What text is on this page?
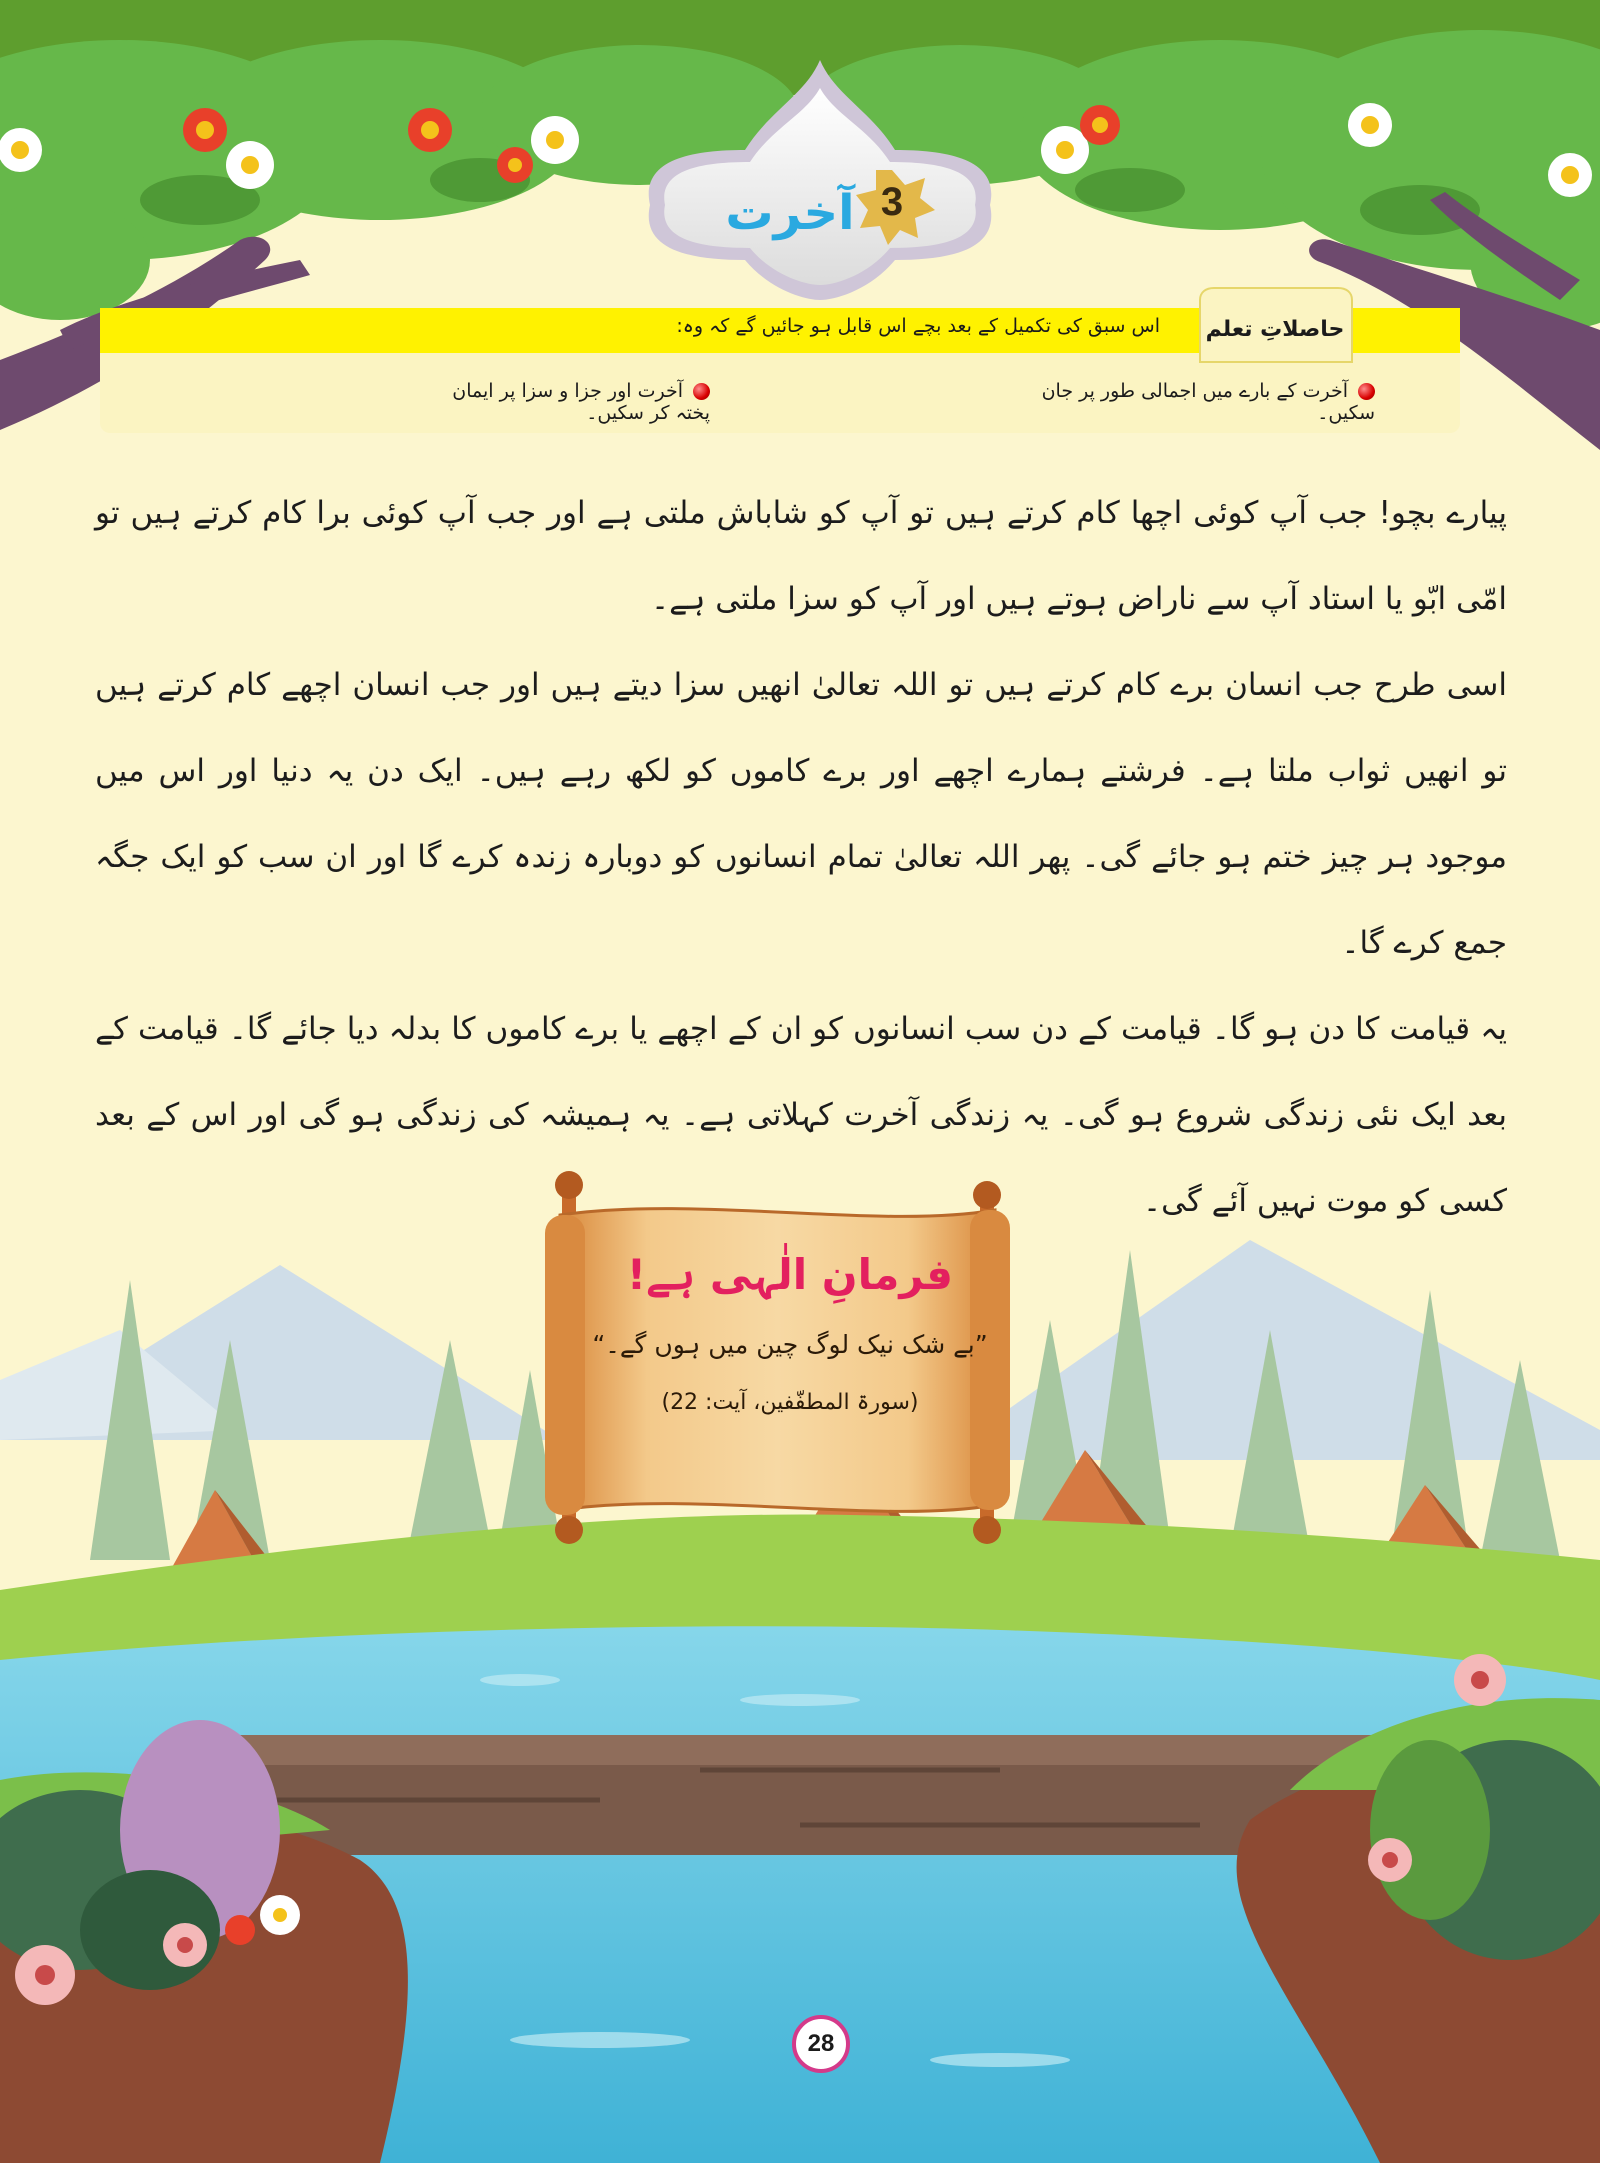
3
آخرت
حاصلاتِ تعلم
اس سبق کی تکمیل کے بعد بچے اس قابل ہو جائیں گے کہ وہ:
آخرت کے بارے میں اجمالی طور پر جان سکیں۔
آخرت اور جزا و سزا پر ایمان پختہ کر سکیں۔

پیارے بچو! جب آپ کوئی اچھا کام کرتے ہیں تو آپ کو شاباش ملتی ہے اور جب آپ کوئی برا کام کرتے ہیں تو امّی ابّو یا استاد آپ سے ناراض ہوتے ہیں اور آپ کو سزا ملتی ہے۔

اسی طرح جب انسان برے کام کرتے ہیں تو اللہ تعالیٰ انھیں سزا دیتے ہیں اور جب انسان اچھے کام کرتے ہیں تو انھیں ثواب ملتا ہے۔ فرشتے ہمارے اچھے اور برے کاموں کو لکھ رہے ہیں۔ ایک دن یہ دنیا اور اس میں موجود ہر چیز ختم ہو جائے گی۔ پھر اللہ تعالیٰ تمام انسانوں کو دوبارہ زندہ کرے گا اور ان سب کو ایک جگہ جمع کرے گا۔

یہ قیامت کا دن ہو گا۔ قیامت کے دن سب انسانوں کو ان کے اچھے یا برے کاموں کا بدلہ دیا جائے گا۔ قیامت کے بعد ایک نئی زندگی شروع ہو گی۔ یہ زندگی آخرت کہلاتی ہے۔ یہ ہمیشہ کی زندگی ہو گی اور اس کے بعد کسی کو موت نہیں آئے گی۔

فرمانِ الٰہی ہے!
”بے شک نیک لوگ چین میں ہوں گے۔“
(سورۃ المطفّفین، آیت: 22)
28
